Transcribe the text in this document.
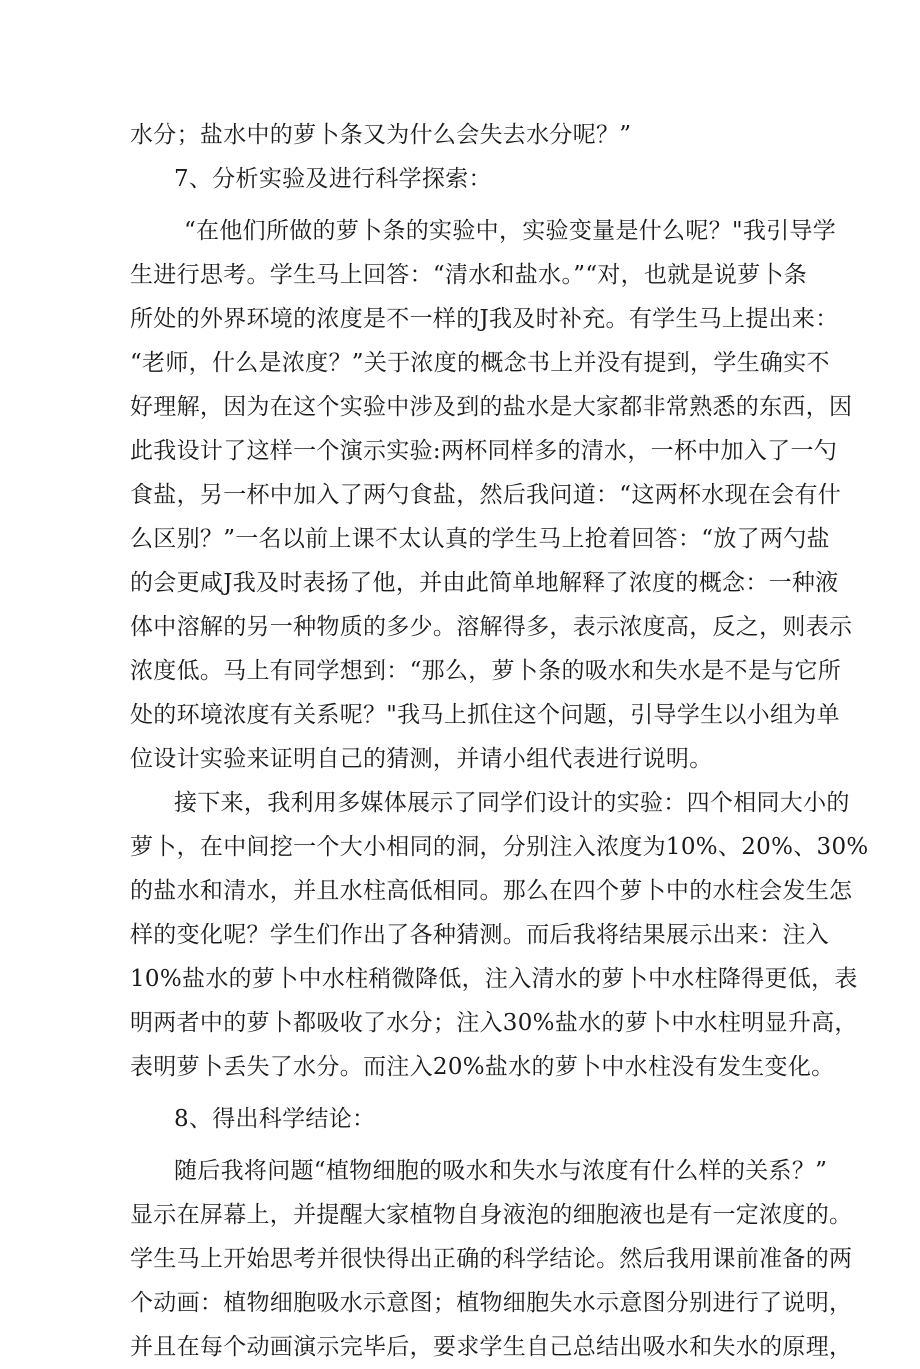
水分；盐水中的萝卜条又为什么会失去水分呢？”
7、分析实验及进行科学探索：
“在他们所做的萝卜条的实验中，实验变量是什么呢？"我引导学
生进行思考。学生马上回答：“清水和盐水。”“对，也就是说萝卜条
所处的外界环境的浓度是不一样的J我及时补充。有学生马上提出来：
“老师，什么是浓度？”关于浓度的概念书上并没有提到，学生确实不
好理解，因为在这个实验中涉及到的盐水是大家都非常熟悉的东西，因
此我设计了这样一个演示实验:两杯同样多的清水，一杯中加入了一勺
食盐，另一杯中加入了两勺食盐，然后我问道：“这两杯水现在会有什
么区别？”一名以前上课不太认真的学生马上抢着回答：“放了两勺盐
的会更咸J我及时表扬了他，并由此简单地解释了浓度的概念：一种液
体中溶解的另一种物质的多少。溶解得多，表示浓度高，反之，则表示
浓度低。马上有同学想到：“那么，萝卜条的吸水和失水是不是与它所
处的环境浓度有关系呢？"我马上抓住这个问题，引导学生以小组为单
位设计实验来证明自己的猜测，并请小组代表进行说明。
接下来，我利用多媒体展示了同学们设计的实验：四个相同大小的
萝卜，在中间挖一个大小相同的洞，分别注入浓度为10%、20%、30%
的盐水和清水，并且水柱高低相同。那么在四个萝卜中的水柱会发生怎
样的变化呢？学生们作出了各种猜测。而后我将结果展示出来：注入
10%盐水的萝卜中水柱稍微降低，注入清水的萝卜中水柱降得更低，表
明两者中的萝卜都吸收了水分；注入30%盐水的萝卜中水柱明显升高，
表明萝卜丢失了水分。而注入20%盐水的萝卜中水柱没有发生变化。
8、得出科学结论：
随后我将问题“植物细胞的吸水和失水与浓度有什么样的关系？”
显示在屏幕上，并提醒大家植物自身液泡的细胞液也是有一定浓度的。
学生马上开始思考并很快得出正确的科学结论。然后我用课前准备的两
个动画：植物细胞吸水示意图；植物细胞失水示意图分别进行了说明，
并且在每个动画演示完毕后，要求学生自己总结出吸水和失水的原理，
